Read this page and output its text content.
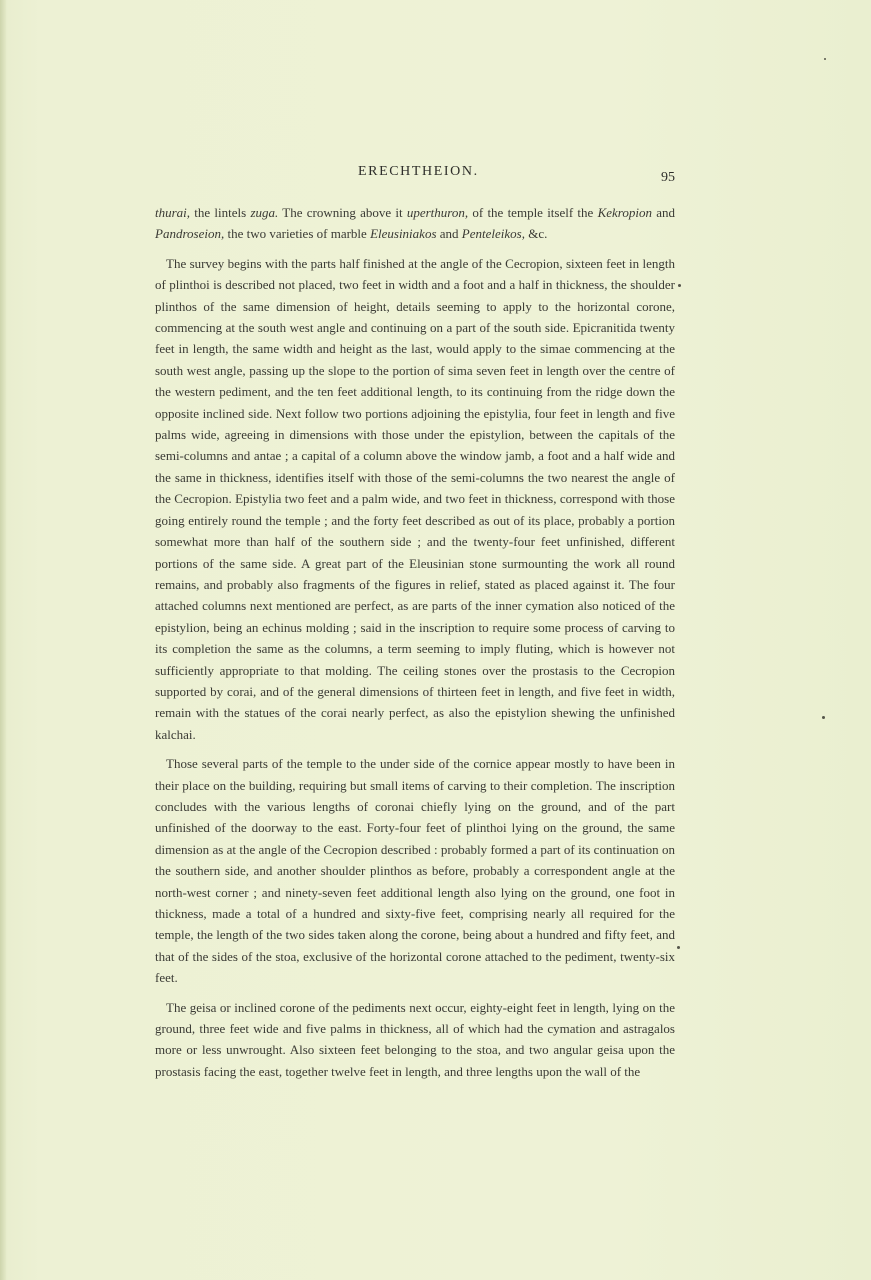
ERECHTHEION.	95

thurai, the lintels zuga. The crowning above it uperthuron, of the temple itself the Kekropion and Pandroseion, the two varieties of marble Eleusiniakos and Penteleikos, &c.

The survey begins with the parts half finished at the angle of the Cecropion, sixteen feet in length of plinthoi is described not placed, two feet in width and a foot and a half in thickness, the shoulder plinthos of the same dimension of height, details seeming to apply to the horizontal corone, commencing at the south west angle and continuing on a part of the south side. Epicranitida twenty feet in length, the same width and height as the last, would apply to the simae commencing at the south west angle, passing up the slope to the portion of sima seven feet in length over the centre of the western pediment, and the ten feet additional length, to its continuing from the ridge down the opposite inclined side. Next follow two portions adjoining the epistylia, four feet in length and five palms wide, agreeing in dimensions with those under the epistylion, between the capitals of the semi-columns and antae ; a capital of a column above the window jamb, a foot and a half wide and the same in thickness, identifies itself with those of the semi-columns the two nearest the angle of the Cecropion. Epistylia two feet and a palm wide, and two feet in thickness, correspond with those going entirely round the temple ; and the forty feet described as out of its place, probably a portion somewhat more than half of the southern side ; and the twenty-four feet unfinished, different portions of the same side. A great part of the Eleusinian stone surmounting the work all round remains, and probably also fragments of the figures in relief, stated as placed against it. The four attached columns next mentioned are perfect, as are parts of the inner cymation also noticed of the epistylion, being an echinus molding ; said in the inscription to require some process of carving to its completion the same as the columns, a term seeming to imply fluting, which is however not sufficiently appropriate to that molding. The ceiling stones over the prostasis to the Cecropion supported by corai, and of the general dimensions of thirteen feet in length, and five feet in width, remain with the statues of the corai nearly perfect, as also the epistylion shewing the unfinished kalchai.

Those several parts of the temple to the under side of the cornice appear mostly to have been in their place on the building, requiring but small items of carving to their completion. The inscription concludes with the various lengths of coronai chiefly lying on the ground, and of the part unfinished of the doorway to the east. Forty-four feet of plinthoi lying on the ground, the same dimension as at the angle of the Cecropion described : probably formed a part of its continuation on the southern side, and another shoulder plinthos as before, probably a correspondent angle at the north-west corner ; and ninety-seven feet additional length also lying on the ground, one foot in thickness, made a total of a hundred and sixty-five feet, comprising nearly all required for the temple, the length of the two sides taken along the corone, being about a hundred and fifty feet, and that of the sides of the stoa, exclusive of the horizontal corone attached to the pediment, twenty-six feet.

The geisa or inclined corone of the pediments next occur, eighty-eight feet in length, lying on the ground, three feet wide and five palms in thickness, all of which had the cymation and astragalos more or less unwrought. Also sixteen feet belonging to the stoa, and two angular geisa upon the prostasis facing the east, together twelve feet in length, and three lengths upon the wall of the
